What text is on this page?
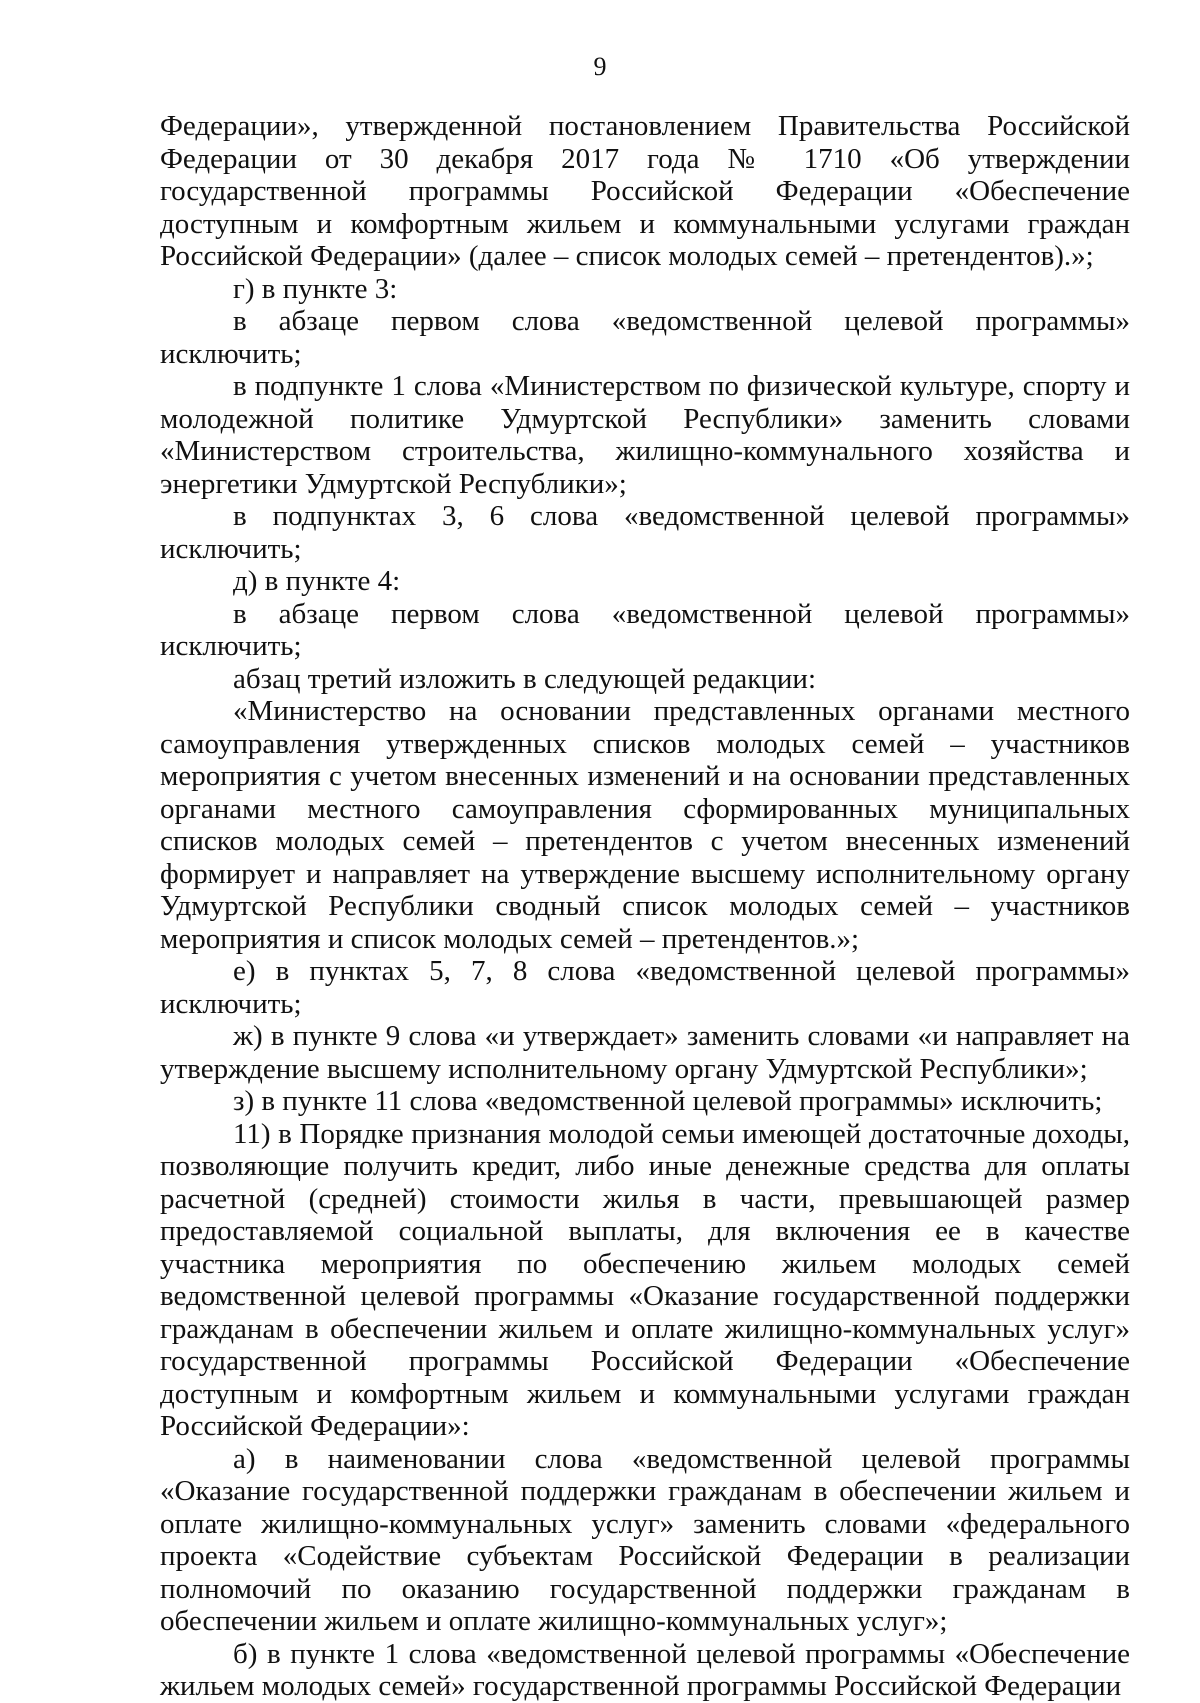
9

Федерации», утвержденной постановлением Правительства Российской Федерации от 30 декабря 2017 года № 1710 «Об утверждении государственной программы Российской Федерации «Обеспечение доступным и комфортным жильем и коммунальными услугами граждан Российской Федерации» (далее – список молодых семей – претендентов).»;

г) в пункте 3:

в абзаце первом слова «ведомственной целевой программы» исключить;

в подпункте 1 слова «Министерством по физической культуре, спорту и молодежной политике Удмуртской Республики» заменить словами «Министерством строительства, жилищно-коммунального хозяйства и энергетики Удмуртской Республики»;

в подпунктах 3, 6 слова «ведомственной целевой программы» исключить;

д) в пункте 4:

в абзаце первом слова «ведомственной целевой программы» исключить;

абзац третий изложить в следующей редакции:

«Министерство на основании представленных органами местного самоуправления утвержденных списков молодых семей – участников мероприятия с учетом внесенных изменений и на основании представленных органами местного самоуправления сформированных муниципальных списков молодых семей – претендентов с учетом внесенных изменений формирует и направляет на утверждение высшему исполнительному органу Удмуртской Республики сводный список молодых семей – участников мероприятия и список молодых семей – претендентов.»;

е) в пунктах 5, 7, 8 слова «ведомственной целевой программы» исключить;

ж) в пункте 9 слова «и утверждает» заменить словами «и направляет на утверждение высшему исполнительному органу Удмуртской Республики»;

з) в пункте 11 слова «ведомственной целевой программы» исключить;

11) в Порядке признания молодой семьи имеющей достаточные доходы, позволяющие получить кредит, либо иные денежные средства для оплаты расчетной (средней) стоимости жилья в части, превышающей размер предоставляемой социальной выплаты, для включения ее в качестве участника мероприятия по обеспечению жильем молодых семей ведомственной целевой программы «Оказание государственной поддержки гражданам в обеспечении жильем и оплате жилищно-коммунальных услуг» государственной программы Российской Федерации «Обеспечение доступным и комфортным жильем и коммунальными услугами граждан Российской Федерации»:

а) в наименовании слова «ведомственной целевой программы «Оказание государственной поддержки гражданам в обеспечении жильем и оплате жилищно-коммунальных услуг» заменить словами «федерального проекта «Содействие субъектам Российской Федерации в реализации полномочий по оказанию государственной поддержки гражданам в обеспечении жильем и оплате жилищно-коммунальных услуг»;

б) в пункте 1 слова «ведомственной целевой программы «Обеспечение жильем молодых семей» государственной программы Российской Федерации
